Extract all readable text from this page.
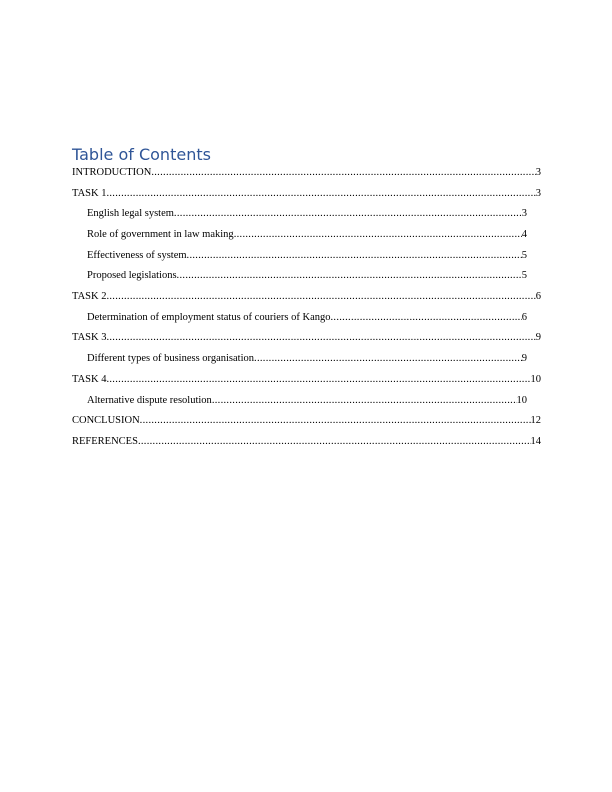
Table of Contents
INTRODUCTION .....	3
TASK 1 .....	3
English legal system .....	3
Role of government in law making .....	4
Effectiveness of system .....	5
Proposed legislations .....	5
TASK 2 .....	6
Determination of employment status of couriers of Kango .....	6
TASK 3 .....	9
Different types of business organisation .....	9
TASK 4 .....	10
Alternative dispute resolution .....	10
CONCLUSION .....	12
REFERENCES .....	14
